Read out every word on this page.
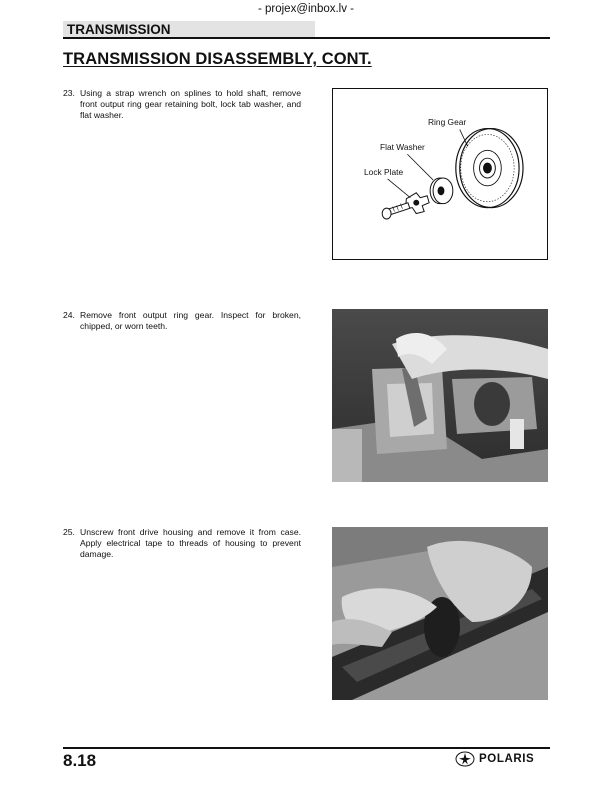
- projex@inbox.lv -
TRANSMISSION
TRANSMISSION DISASSEMBLY, CONT.
23. Using a strap wrench on splines to hold shaft, remove front output ring gear retaining bolt, lock tab washer, and flat washer.
24. Remove front output ring gear. Inspect for broken, chipped, or worn teeth.
25. Unscrew front drive housing and remove it from case. Apply electrical tape to threads of housing to prevent damage.
Ring Gear
Flat Washer
Lock Plate
8.18	POLARIS
